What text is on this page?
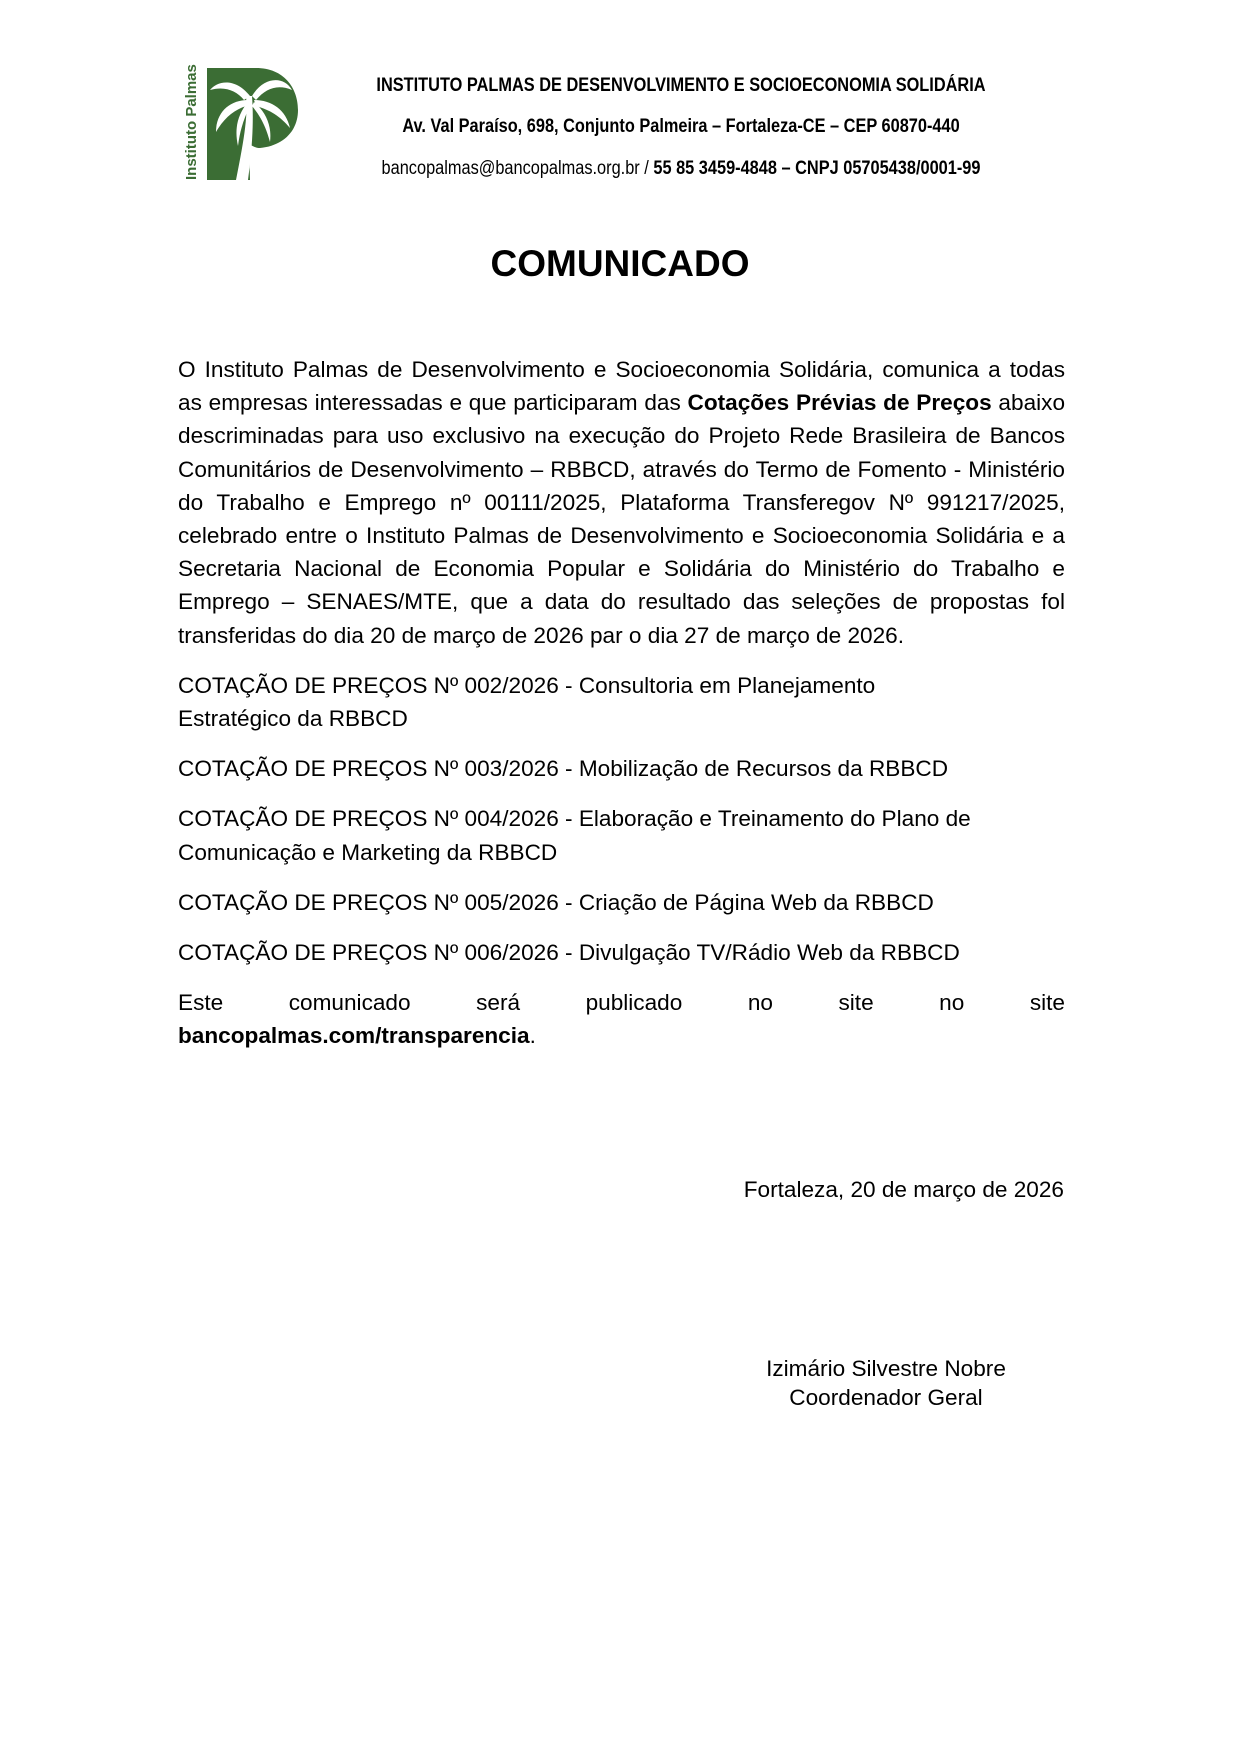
Instituto Palmas	INSTITUTO PALMAS DE DESENVOLVIMENTO E SOCIOECONOMIA SOLIDÁRIA
Av. Val Paraíso, 698, Conjunto Palmeira – Fortaleza-CE – CEP 60870-440
bancopalmas@bancopalmas.org.br / 55 85 3459-4848 – CNPJ 05705438/0001-99
COMUNICADO

O Instituto Palmas de Desenvolvimento e Socioeconomia Solidária, comunica a todas as empresas interessadas e que participaram das Cotações Prévias de Preços abaixo descriminadas para uso exclusivo na execução do Projeto Rede Brasileira de Bancos Comunitários de Desenvolvimento – RBBCD, através do Termo de Fomento - Ministério do Trabalho e Emprego nº 00111/2025, Plataforma Transferegov Nº 991217/2025, celebrado entre o Instituto Palmas de Desenvolvimento e Socioeconomia Solidária e a Secretaria Nacional de Economia Popular e Solidária do Ministério do Trabalho e Emprego – SENAES/MTE, que a data do resultado das seleções de propostas fol transferidas do dia 20 de março de 2026 par o dia 27 de março de 2026.

COTAÇÃO DE PREÇOS Nº 002/2026 - Consultoria em Planejamento Estratégico da RBBCD

COTAÇÃO DE PREÇOS Nº 003/2026 - Mobilização de Recursos da RBBCD

COTAÇÃO DE PREÇOS Nº 004/2026 - Elaboração e Treinamento do Plano de Comunicação e Marketing da RBBCD

COTAÇÃO DE PREÇOS Nº 005/2026 - Criação de Página Web da RBBCD

COTAÇÃO DE PREÇOS Nº 006/2026 - Divulgação TV/Rádio Web da RBBCD

Este comunicado será publicado no site no site bancopalmas.com/transparencia.

Fortaleza, 20 de março de 2026
Izimário Silvestre Nobre
Coordenador Geral
